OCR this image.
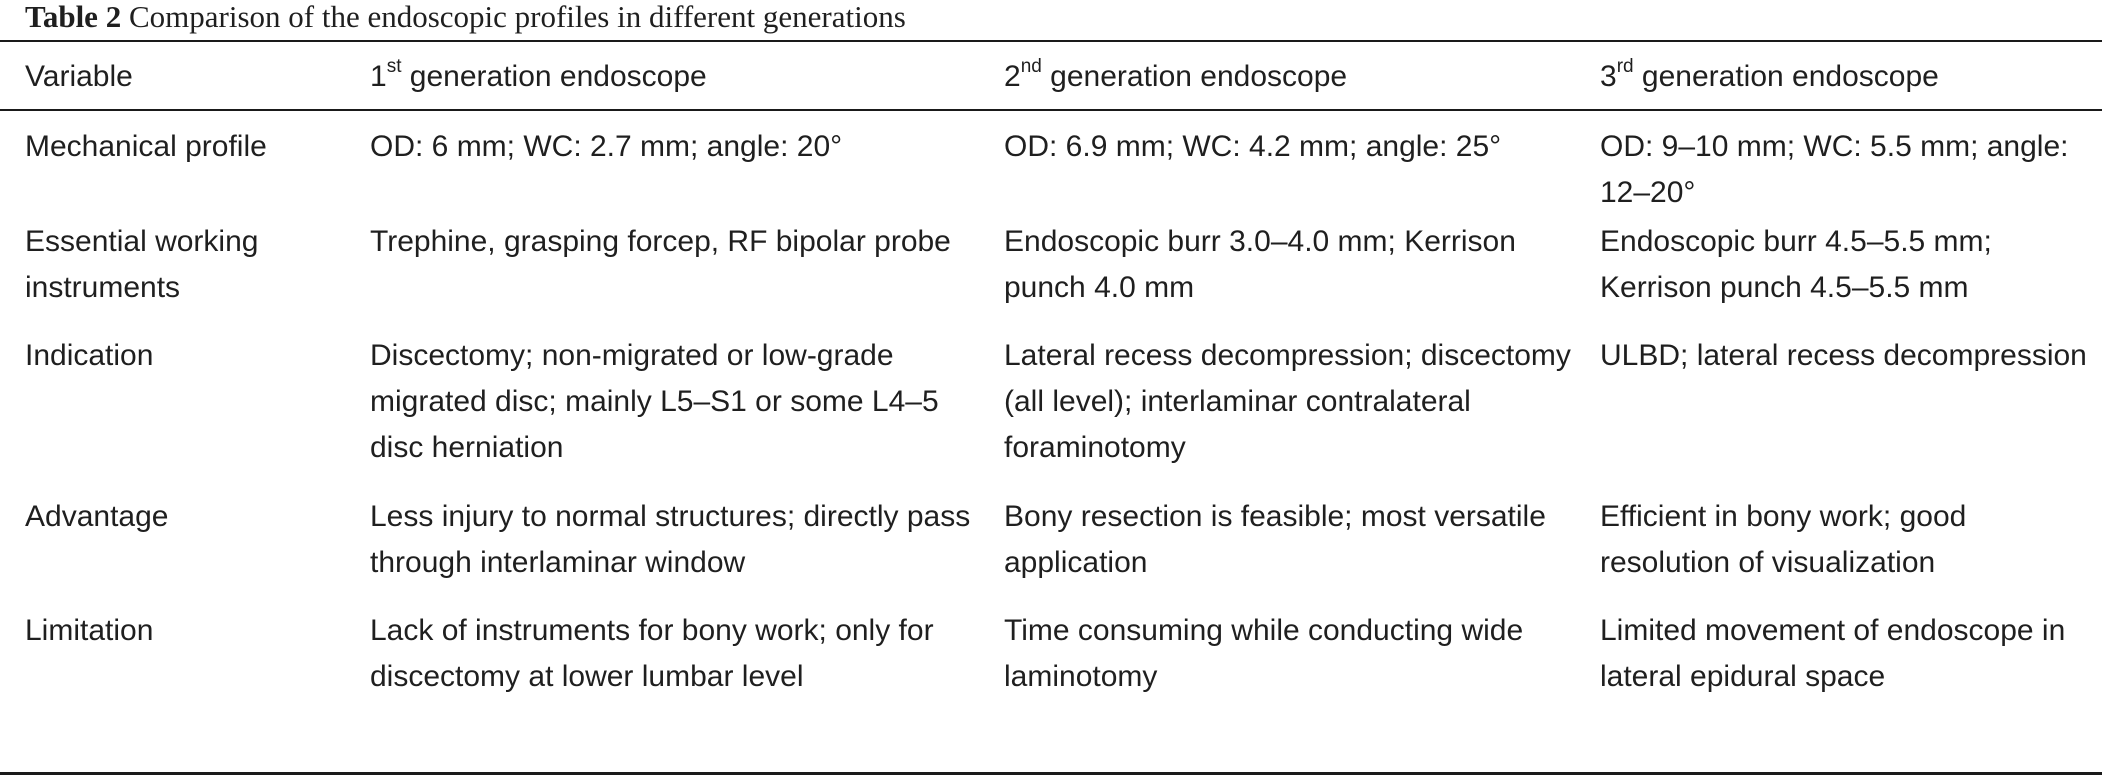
Table 2 Comparison of the endoscopic profiles in different generations
Variable	1st generation endoscope	2nd generation endoscope	3rd generation endoscope
Mechanical profile	OD: 6 mm; WC: 2.7 mm; angle: 20°	OD: 6.9 mm; WC: 4.2 mm; angle: 25°	OD: 9–10 mm; WC: 5.5 mm; angle: 12–20°
Essential working instruments	Trephine, grasping forcep, RF bipolar probe	Endoscopic burr 3.0–4.0 mm; Kerrison punch 4.0 mm	Endoscopic burr 4.5–5.5 mm; Kerrison punch 4.5–5.5 mm
Indication	Discectomy; non-migrated or low-grade migrated disc; mainly L5–S1 or some L4–5 disc herniation	Lateral recess decompression; discectomy (all level); interlaminar contralateral foraminotomy	ULBD; lateral recess decompression
Advantage	Less injury to normal structures; directly pass through interlaminar window	Bony resection is feasible; most versatile application	Efficient in bony work; good resolution of visualization
Limitation	Lack of instruments for bony work; only for discectomy at lower lumbar level	Time consuming while conducting wide laminotomy	Limited movement of endoscope in lateral epidural space
